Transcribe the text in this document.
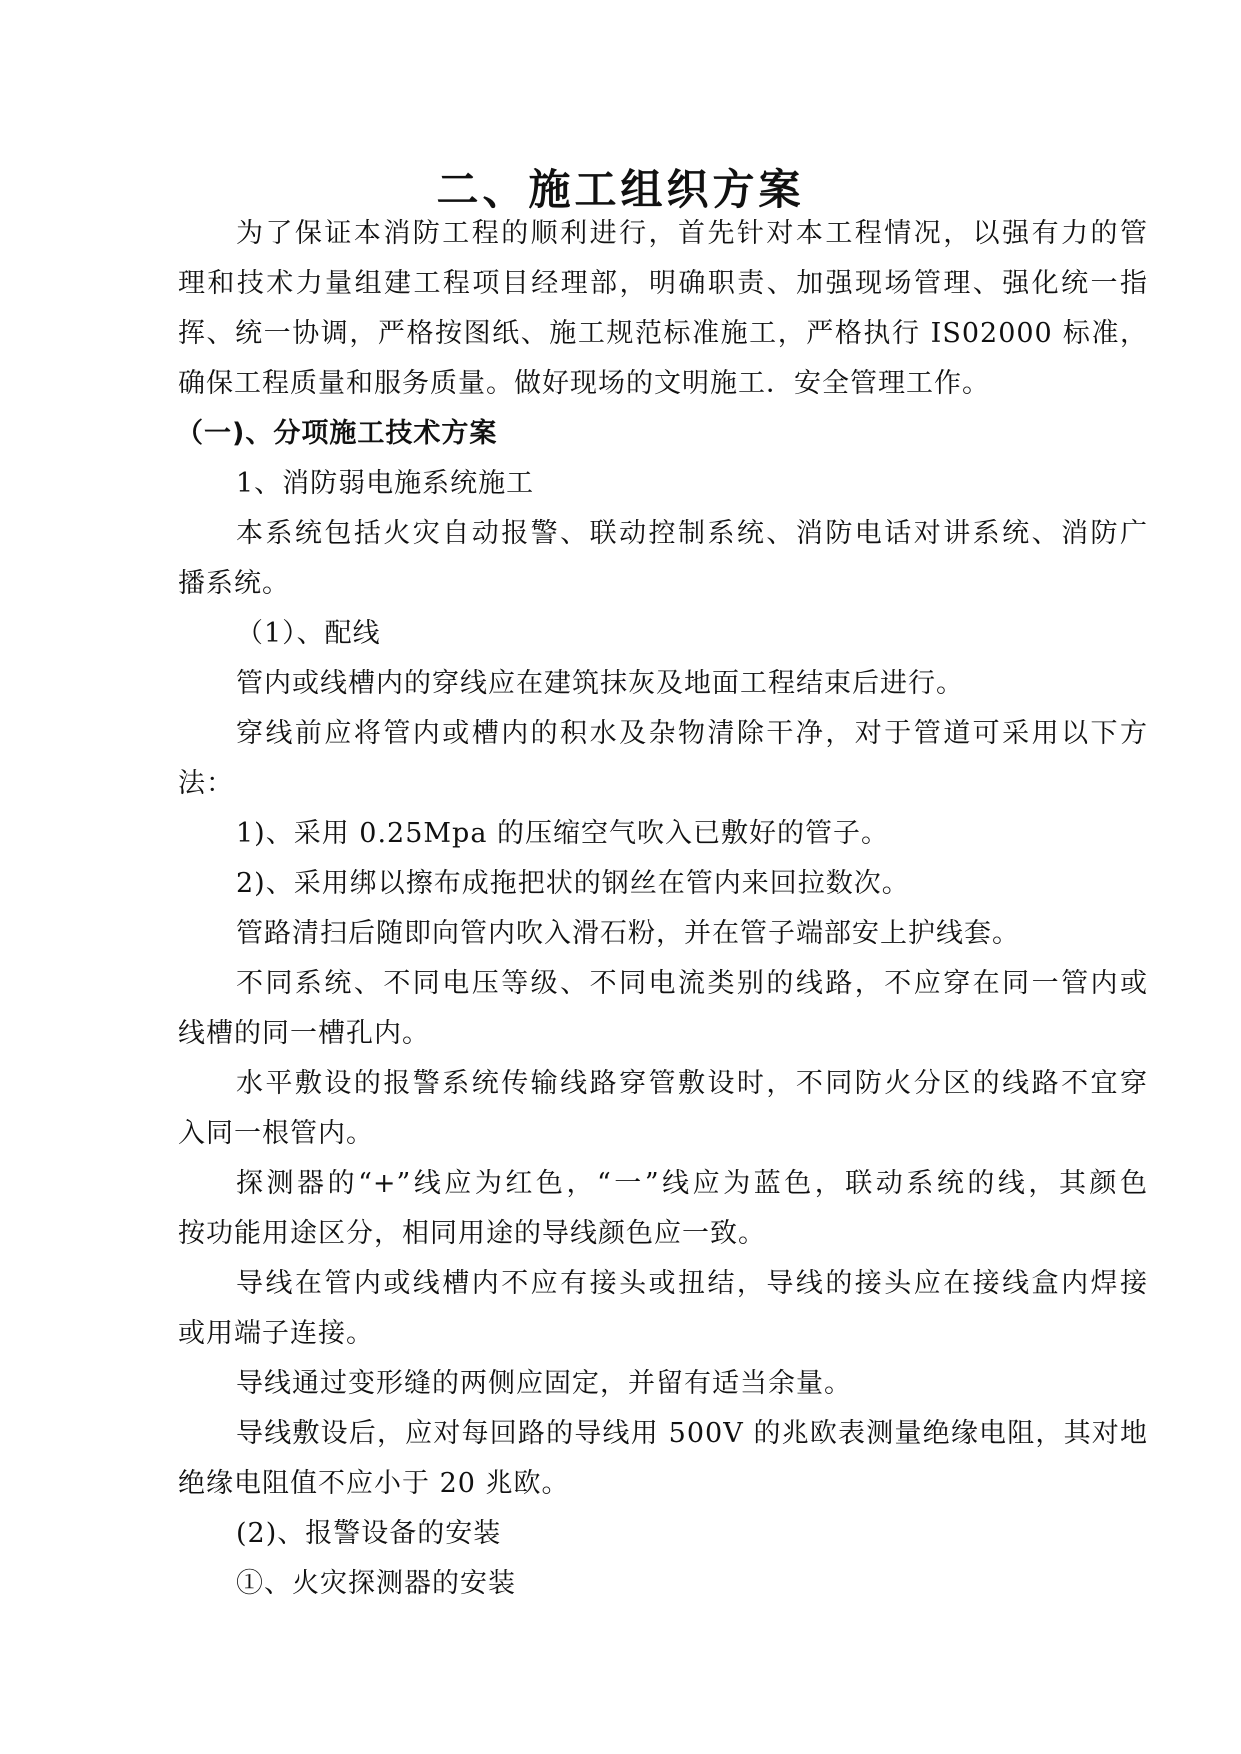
二、施工组织方案
为了保证本消防工程的顺利进行，首先针对本工程情况，以强有力的管
理和技术力量组建工程项目经理部，明确职责、加强现场管理、强化统一指
挥、统一协调，严格按图纸、施工规范标准施工，严格执行 IS02000 标准，
确保工程质量和服务质量。做好现场的文明施工．安全管理工作。
（一)、分项施工技术方案
1、消防弱电施系统施工
本系统包括火灾自动报警、联动控制系统、消防电话对讲系统、消防广
播系统。
（1）、配线
管内或线槽内的穿线应在建筑抹灰及地面工程结束后进行。
穿线前应将管内或槽内的积水及杂物清除干净，对于管道可采用以下方
法：
1)、采用 0.25Mpa 的压缩空气吹入已敷好的管子。
2)、采用绑以擦布成拖把状的钢丝在管内来回拉数次。
管路清扫后随即向管内吹入滑石粉，并在管子端部安上护线套。
不同系统、不同电压等级、不同电流类别的线路，不应穿在同一管内或
线槽的同一槽孔内。
水平敷设的报警系统传输线路穿管敷设时，不同防火分区的线路不宜穿
入同一根管内。
探测器的“+”线应为红色，“一”线应为蓝色，联动系统的线，其颜色
按功能用途区分，相同用途的导线颜色应一致。
导线在管内或线槽内不应有接头或扭结，导线的接头应在接线盒内焊接
或用端子连接。
导线通过变形缝的两侧应固定，并留有适当余量。
导线敷设后，应对每回路的导线用 500V 的兆欧表测量绝缘电阻，其对地
绝缘电阻值不应小于 20 兆欧。
(2)、报警设备的安装
①、火灾探测器的安装
